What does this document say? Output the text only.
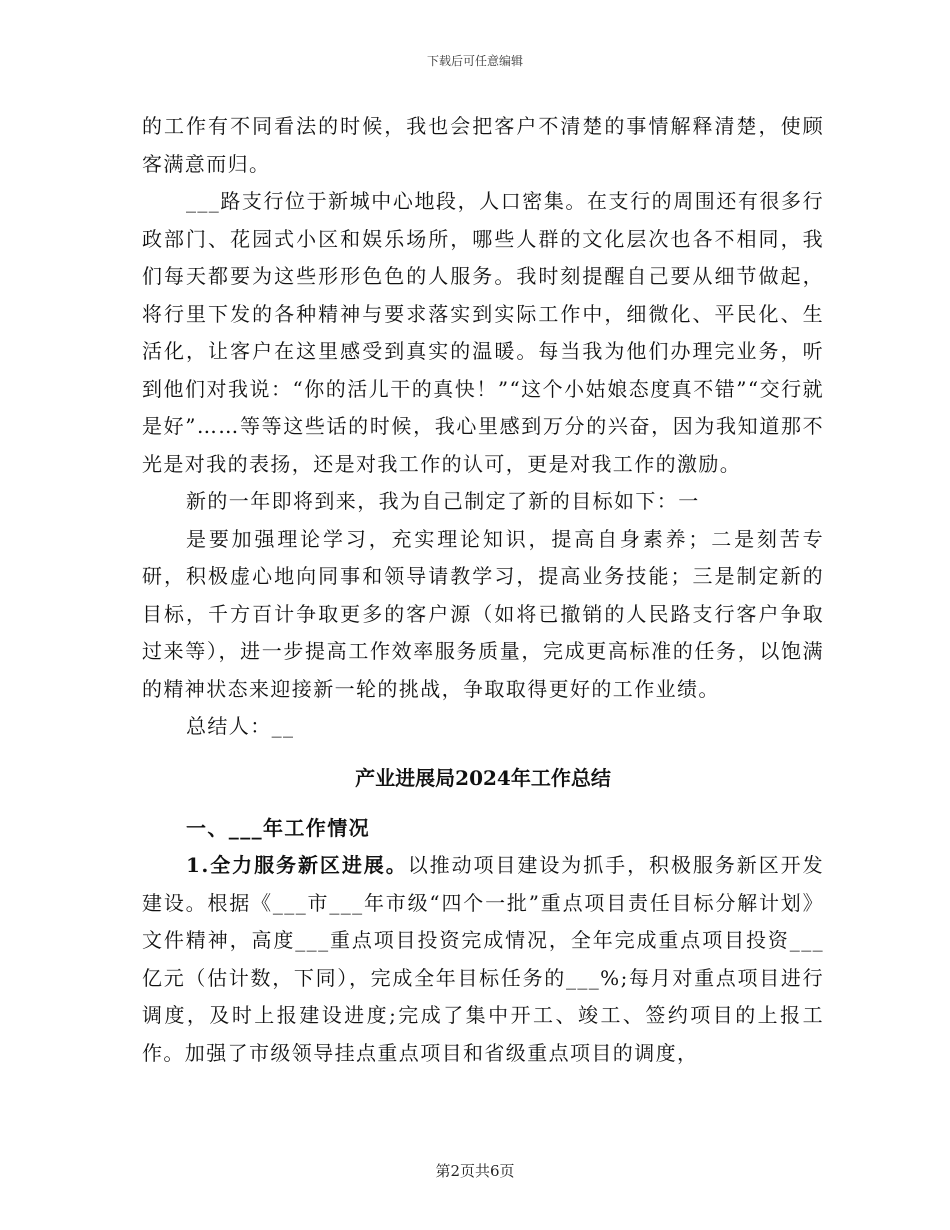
下载后可任意编辑

的工作有不同看法的时候，我也会把客户不清楚的事情解释清楚，使顾客满意而归。

___路支行位于新城中心地段，人口密集。在支行的周围还有很多行政部门、花园式小区和娱乐场所，哪些人群的文化层次也各不相同，我们每天都要为这些形形色色的人服务。我时刻提醒自己要从细节做起，将行里下发的各种精神与要求落实到实际工作中，细微化、平民化、生活化，让客户在这里感受到真实的温暖。每当我为他们办理完业务，听到他们对我说：“你的活儿干的真快！”“这个小姑娘态度真不错”“交行就是好”……等等这些话的时候，我心里感到万分的兴奋，因为我知道那不光是对我的表扬，还是对我工作的认可，更是对我工作的激励。

新的一年即将到来，我为自己制定了新的目标如下：一

是要加强理论学习，充实理论知识，提高自身素养；二是刻苦专研，积极虚心地向同事和领导请教学习，提高业务技能；三是制定新的目标，千方百计争取更多的客户源（如将已撤销的人民路支行客户争取过来等），进一步提高工作效率服务质量，完成更高标准的任务，以饱满的精神状态来迎接新一轮的挑战，争取取得更好的工作业绩。

总结人：__

产业进展局2024年工作总结

一、___年工作情况

1.全力服务新区进展。以推动项目建设为抓手，积极服务新区开发建设。根据《___市___年市级“四个一批”重点项目责任目标分解计划》文件精神，高度___重点项目投资完成情况，全年完成重点项目投资___亿元（估计数，下同），完成全年目标任务的___%;每月对重点项目进行调度，及时上报建设进度;完成了集中开工、竣工、签约项目的上报工作。加强了市级领导挂点重点项目和省级重点项目的调度，

第2页共6页
